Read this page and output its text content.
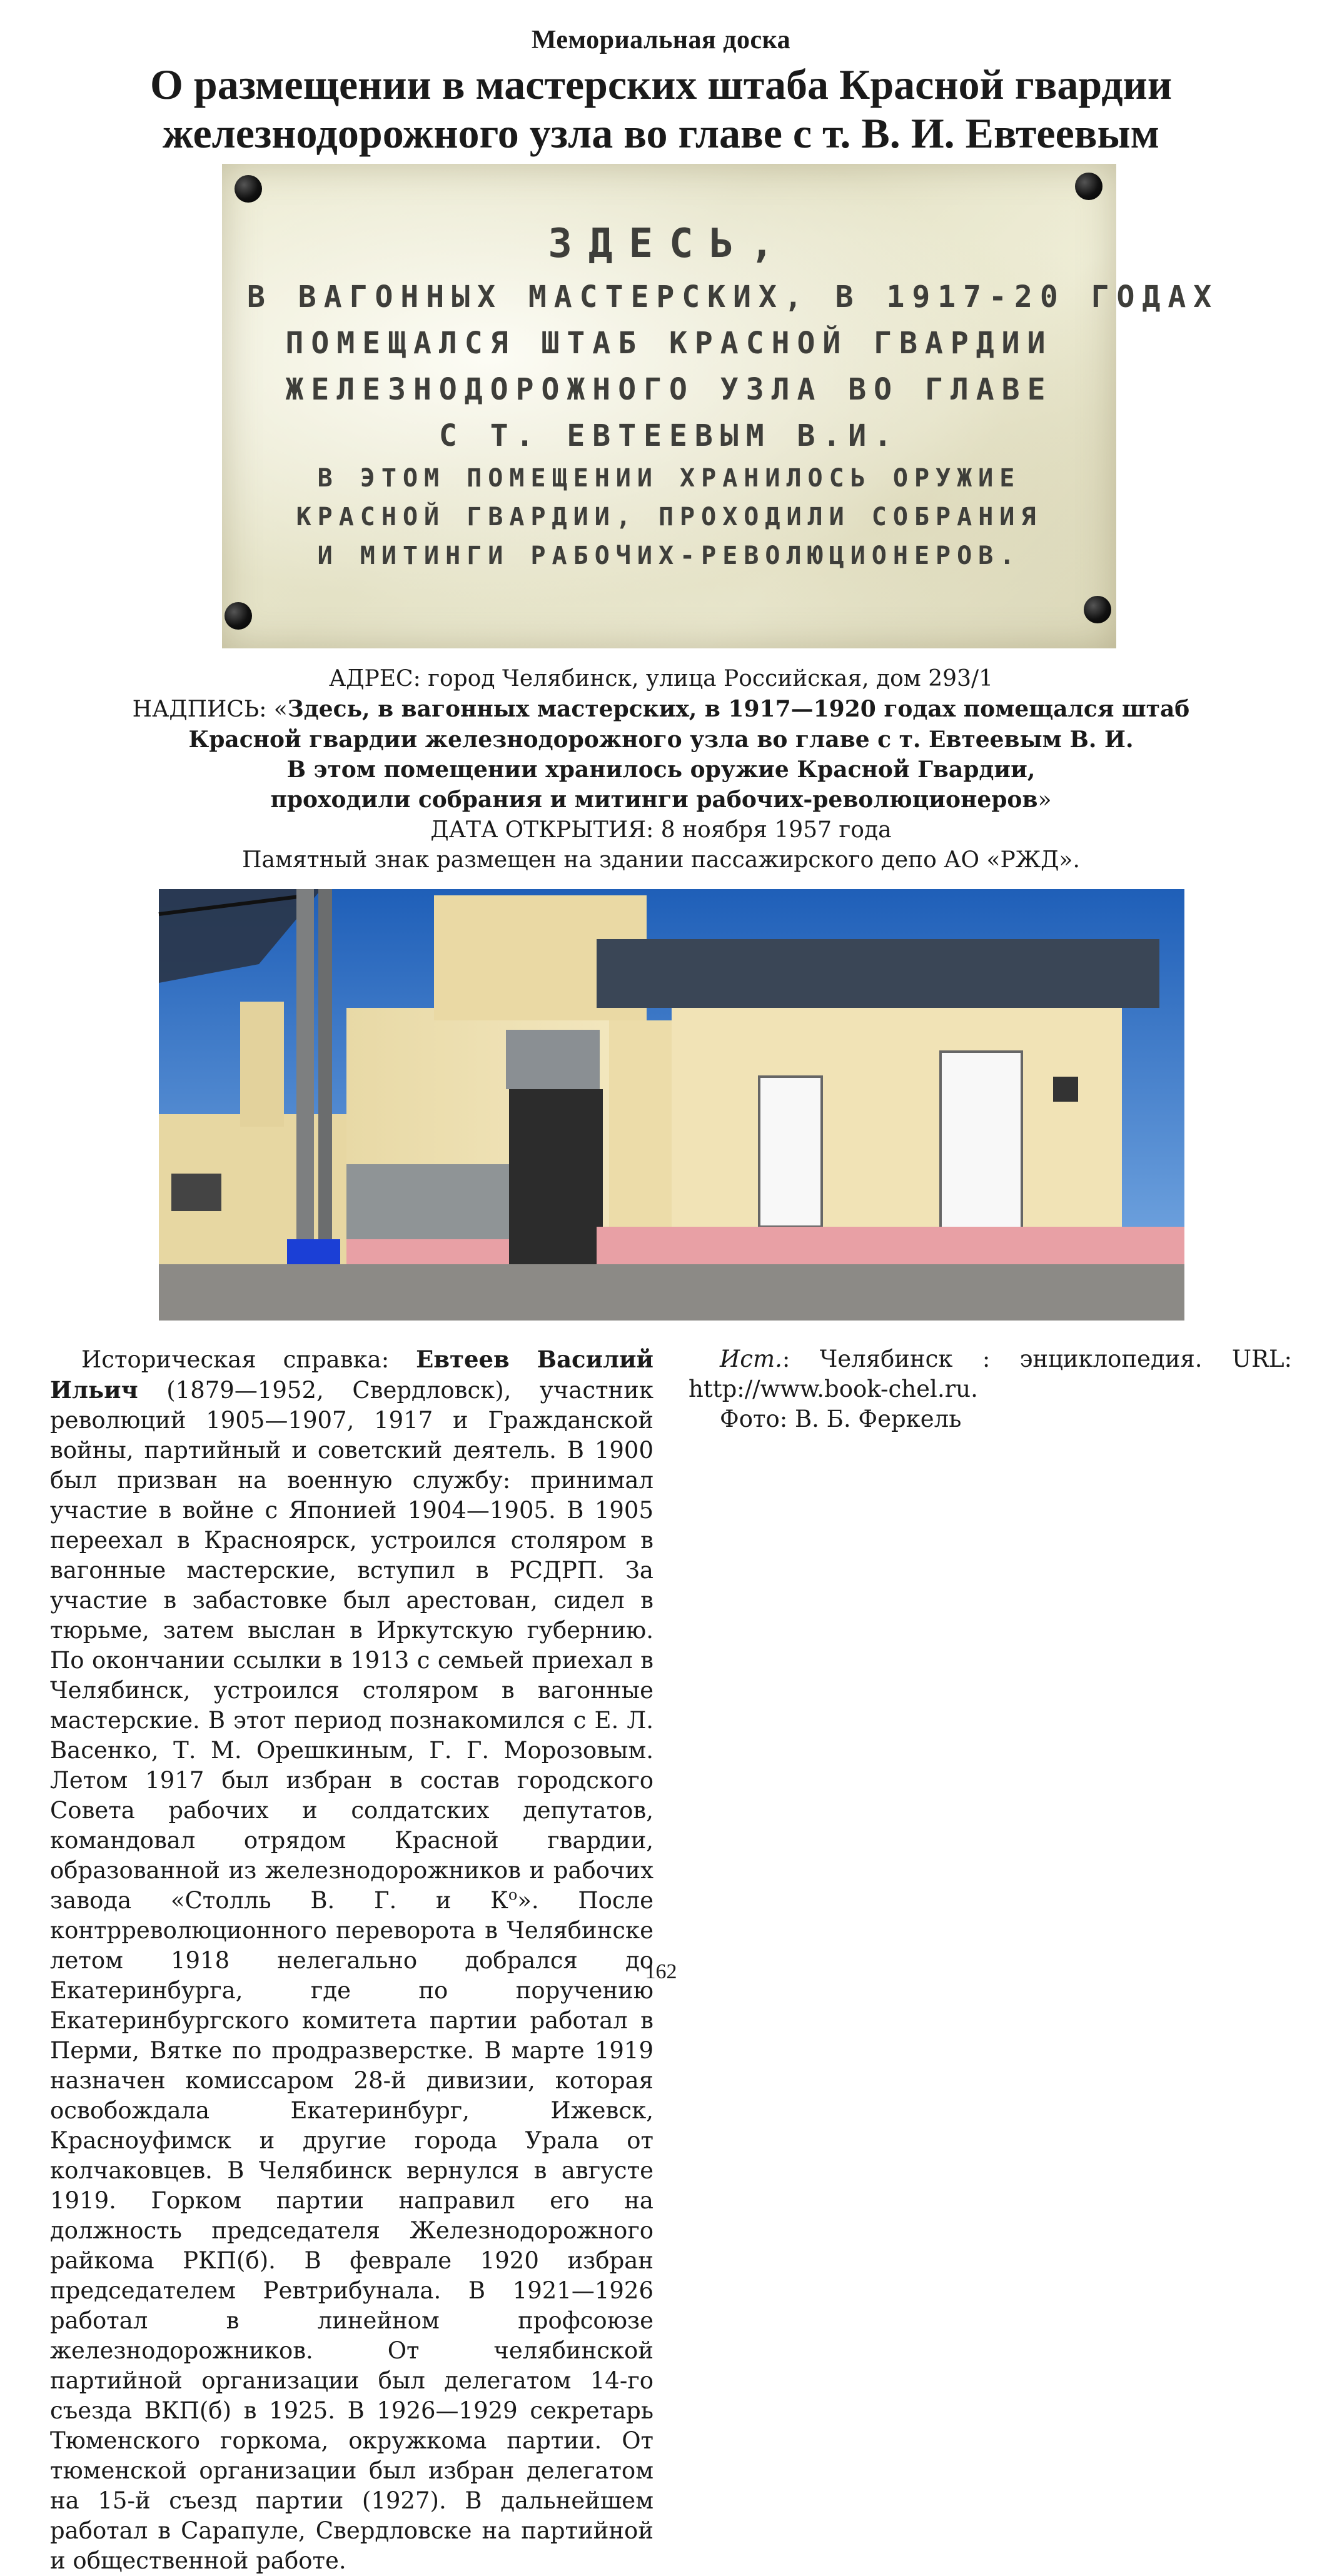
Мемориальная доска
О размещении в мастерских штаба Красной гвардии
железнодорожного узла во главе с т. В. И. Евтеевым
ЗДЕСЬ,
В ВАГОННЫХ МАСТЕРСКИХ, В 1917-20 ГОДАХ
ПОМЕЩАЛСЯ ШТАБ КРАСНОЙ ГВАРДИИ
ЖЕЛЕЗНОДОРОЖНОГО УЗЛА ВО ГЛАВЕ
С Т. ЕВТЕЕВЫМ В.И.
В ЭТОМ ПОМЕЩЕНИИ ХРАНИЛОСЬ ОРУЖИЕ
КРАСНОЙ ГВАРДИИ, ПРОХОДИЛИ СОБРАНИЯ
И МИТИНГИ РАБОЧИХ-РЕВОЛЮЦИОНЕРОВ.
АДРЕС: город Челябинск, улица Российская, дом 293/1
НАДПИСЬ: «Здесь, в вагонных мастерских, в 1917—1920 годах помещался штаб
Красной гвардии железнодорожного узла во главе с т. Евтеевым В. И.
В этом помещении хранилось оружие Красной Гвардии,
проходили собрания и митинги рабочих-революционеров»
ДАТА ОТКРЫТИЯ: 8 ноября 1957 года
Памятный знак размещен на здании пассажирского депо АО «РЖД».

Историческая справка: Евтеев Василий Ильич (1879—1952, Свердловск), участник революций 1905—1907, 1917 и Гражданской войны, партийный и советский деятель. В 1900 был призван на военную службу: принимал участие в войне с Японией 1904—1905. В 1905 переехал в Красноярск, устроился столяром в вагонные мастерские, вступил в РСДРП. За участие в забастовке был арестован, сидел в тюрьме, затем выслан в Иркутскую губернию. По окончании ссылки в 1913 с семьей приехал в Челябинск, устроился столяром в вагонные мастерские. В этот период познакомился с Е. Л. Васенко, Т. М. Орешкиным, Г. Г. Морозовым. Летом 1917 был избран в состав городского Совета рабочих и солдатских депутатов, командовал отрядом Красной гвардии, образованной из железнодорожников и рабочих завода «Столль В. Г. и $К^о$». После контрреволюционного переворота в Челябинске летом 1918 нелегально добрался до Екатеринбурга, где по поручению Екатеринбургского комитета партии работал в Перми, Вятке по продразверстке. В марте 1919 назначен комиссаром 28-й дивизии, которая освобождала Екатеринбург, Ижевск, Красноуфимск и другие города Урала от колчаковцев. В Челябинск вернулся в августе 1919. Горком партии направил его на должность председателя Железнодорожного райкома РКП(б). В феврале 1920 избран председателем Ревтрибунала. В 1921—1926 работал в линейном профсоюзе железнодорожников. От челябинской партийной организации был делегатом 14-го съезда ВКП(б) в 1925. В 1926—1929 секретарь Тюменского горкома, окружкома партии. От тюменской организации был избран делегатом на 15-й съезд партии (1927). В дальнейшем работал в Сарапуле, Свердловске на партийной и общественной работе.

Ист.: Челябинск : энциклопедия. URL: http://www.book-chel.ru.

Фото: В. Б. Феркель

162
